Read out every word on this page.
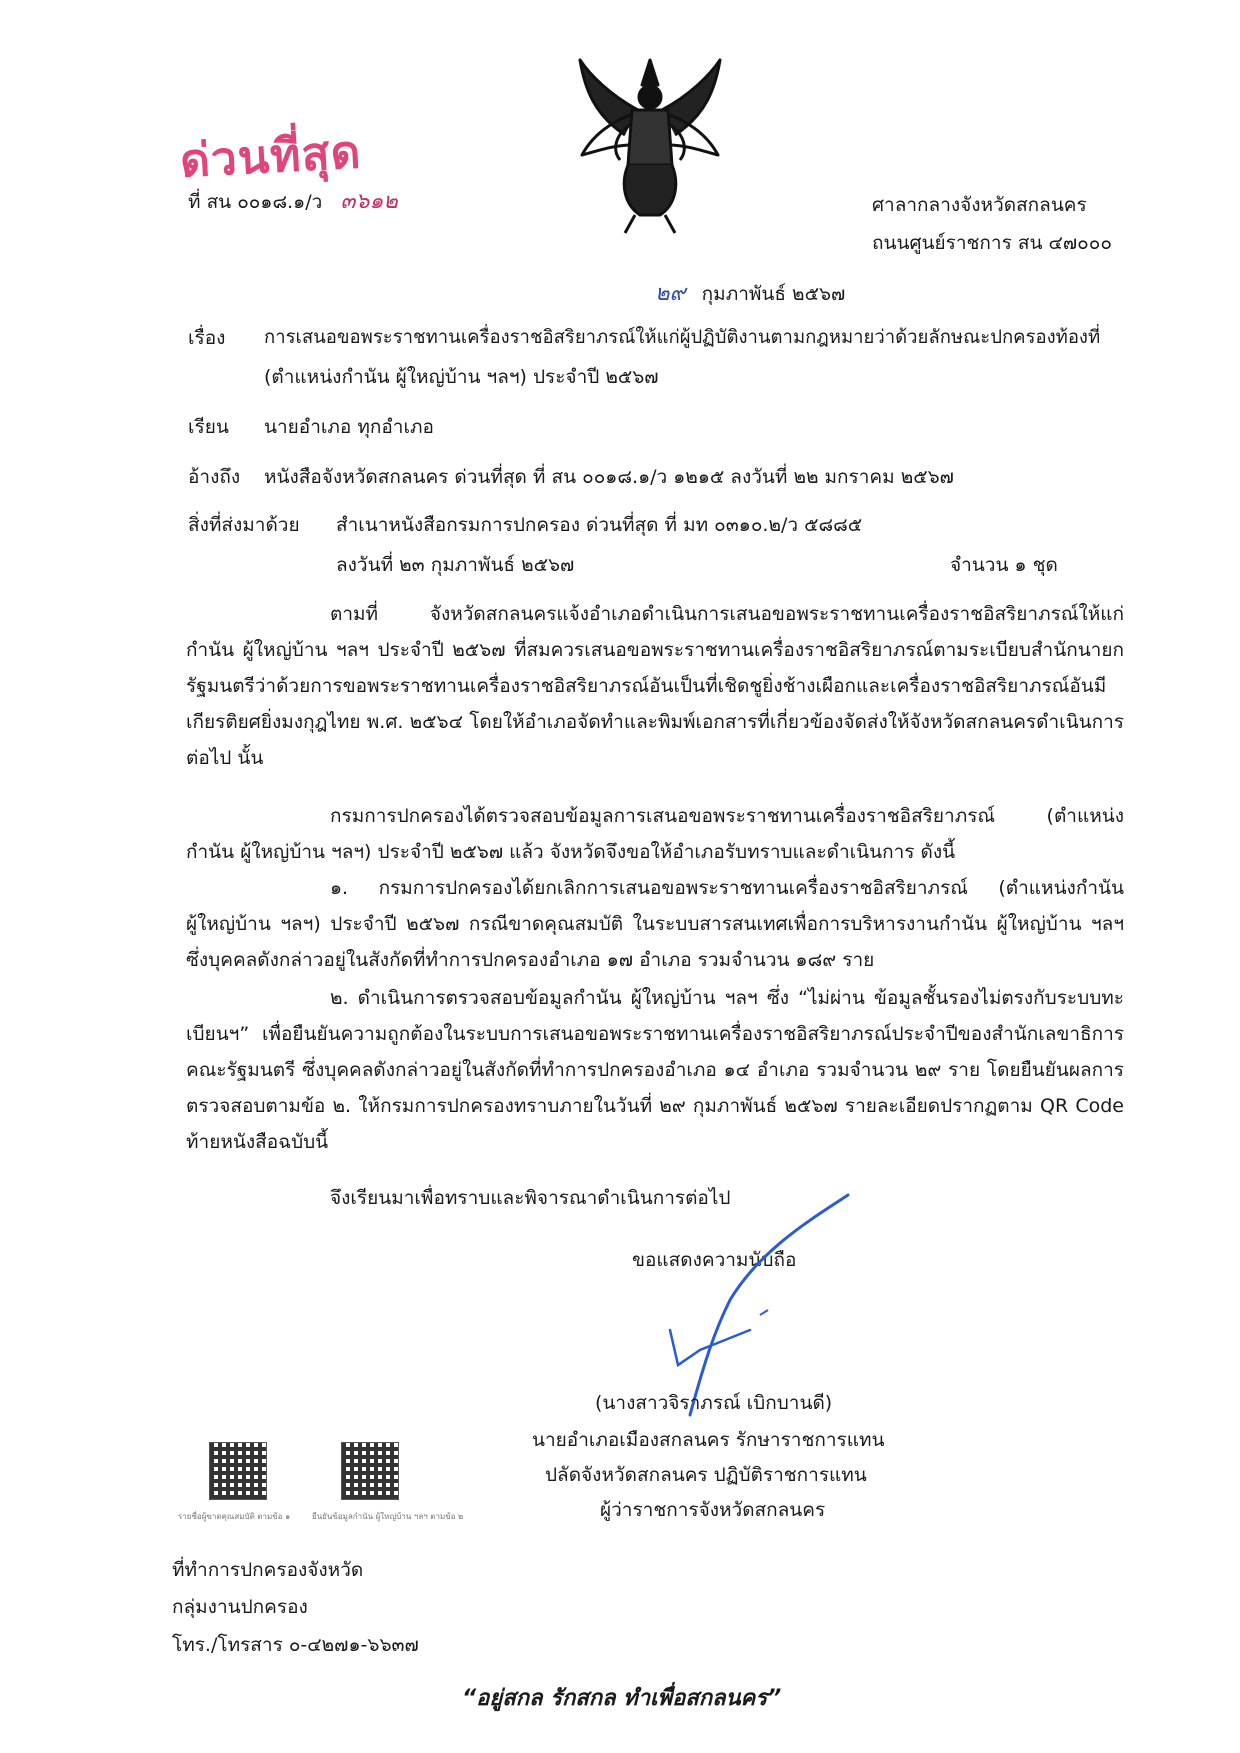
ด่วนที่สุด
ที่ สน ๐๐๑๘.๑/ว ๓๖๑๒	ศาลากลางจังหวัดสกลนคร
ถนนศูนย์ราชการ สน ๔๗๐๐๐
๒๙ กุมภาพันธ์ ๒๕๖๗
เรื่อง การเสนอขอพระราชทานเครื่องราชอิสริยาภรณ์ให้แก่ผู้ปฏิบัติงานตามกฎหมายว่าด้วยลักษณะปกครองท้องที่
(ตำแหน่งกำนัน ผู้ใหญ่บ้าน ฯลฯ) ประจำปี ๒๕๖๗
เรียน นายอำเภอ ทุกอำเภอ
อ้างถึง หนังสือจังหวัดสกลนคร ด่วนที่สุด ที่ สน ๐๐๑๘.๑/ว ๑๒๑๕ ลงวันที่ ๒๒ มกราคม ๒๕๖๗
สิ่งที่ส่งมาด้วย สำเนาหนังสือกรมการปกครอง ด่วนที่สุด ที่ มท ๐๓๑๐.๒/ว ๕๘๘๕
ลงวันที่ ๒๓ กุมภาพันธ์ ๒๕๖๗	จำนวน ๑ ชุด
ตามที่ จังหวัดสกลนครแจ้งอำเภอดำเนินการเสนอขอพระราชทานเครื่องราชอิสริยาภรณ์ให้แก่กำนัน ผู้ใหญ่บ้าน ฯลฯ ประจำปี ๒๕๖๗ ที่สมควรเสนอขอพระราชทานเครื่องราชอิสริยาภรณ์ตามระเบียบสำนักนายกรัฐมนตรีว่าด้วยการขอพระราชทานเครื่องราชอิสริยาภรณ์อันเป็นที่เชิดชูยิ่งช้างเผือกและเครื่องราชอิสริยาภรณ์อันมีเกียรติยศยิ่งมงกุฎไทย พ.ศ. ๒๕๖๔ โดยให้อำเภอจัดทำและพิมพ์เอกสารที่เกี่ยวข้องจัดส่งให้จังหวัดสกลนครดำเนินการต่อไป นั้น
กรมการปกครองได้ตรวจสอบข้อมูลการเสนอขอพระราชทานเครื่องราชอิสริยาภรณ์ (ตำแหน่งกำนัน ผู้ใหญ่บ้าน ฯลฯ) ประจำปี ๒๕๖๗ แล้ว จังหวัดจึงขอให้อำเภอรับทราบและดำเนินการ ดังนี้
๑. กรมการปกครองได้ยกเลิกการเสนอขอพระราชทานเครื่องราชอิสริยาภรณ์ (ตำแหน่งกำนัน ผู้ใหญ่บ้าน ฯลฯ) ประจำปี ๒๕๖๗ กรณีขาดคุณสมบัติ ในระบบสารสนเทศเพื่อการบริหารงานกำนัน ผู้ใหญ่บ้าน ฯลฯ ซึ่งบุคคลดังกล่าวอยู่ในสังกัดที่ทำการปกครองอำเภอ ๑๗ อำเภอ รวมจำนวน ๑๘๙ ราย
๒. ดำเนินการตรวจสอบข้อมูลกำนัน ผู้ใหญ่บ้าน ฯลฯ ซึ่ง “ไม่ผ่าน ข้อมูลชั้นรองไม่ตรงกับระบบทะเบียนฯ” เพื่อยืนยันความถูกต้องในระบบการเสนอขอพระราชทานเครื่องราชอิสริยาภรณ์ประจำปีของสำนักเลขาธิการคณะรัฐมนตรี ซึ่งบุคคลดังกล่าวอยู่ในสังกัดที่ทำการปกครองอำเภอ ๑๔ อำเภอ รวมจำนวน ๒๙ ราย โดยยืนยันผลการตรวจสอบตามข้อ ๒. ให้กรมการปกครองทราบภายในวันที่ ๒๙ กุมภาพันธ์ ๒๕๖๗ รายละเอียดปรากฏตาม QR Code ท้ายหนังสือฉบับนี้
จึงเรียนมาเพื่อทราบและพิจารณาดำเนินการต่อไป
ขอแสดงความนับถือ
(นางสาวจิราภรณ์ เบิกบานดี)
นายอำเภอเมืองสกลนคร รักษาราชการแทน
ปลัดจังหวัดสกลนคร ปฏิบัติราชการแทน
ผู้ว่าราชการจังหวัดสกลนคร
รายชื่อผู้ขาดคุณสมบัติ ตามข้อ ๑	ยืนยันข้อมูลกำนัน ผู้ใหญ่บ้าน ฯลฯ ตามข้อ ๒
ที่ทำการปกครองจังหวัด
กลุ่มงานปกครอง
โทร./โทรสาร ๐-๔๒๗๑-๖๖๓๗
“อยู่สกล รักสกล ทำเพื่อสกลนคร”
